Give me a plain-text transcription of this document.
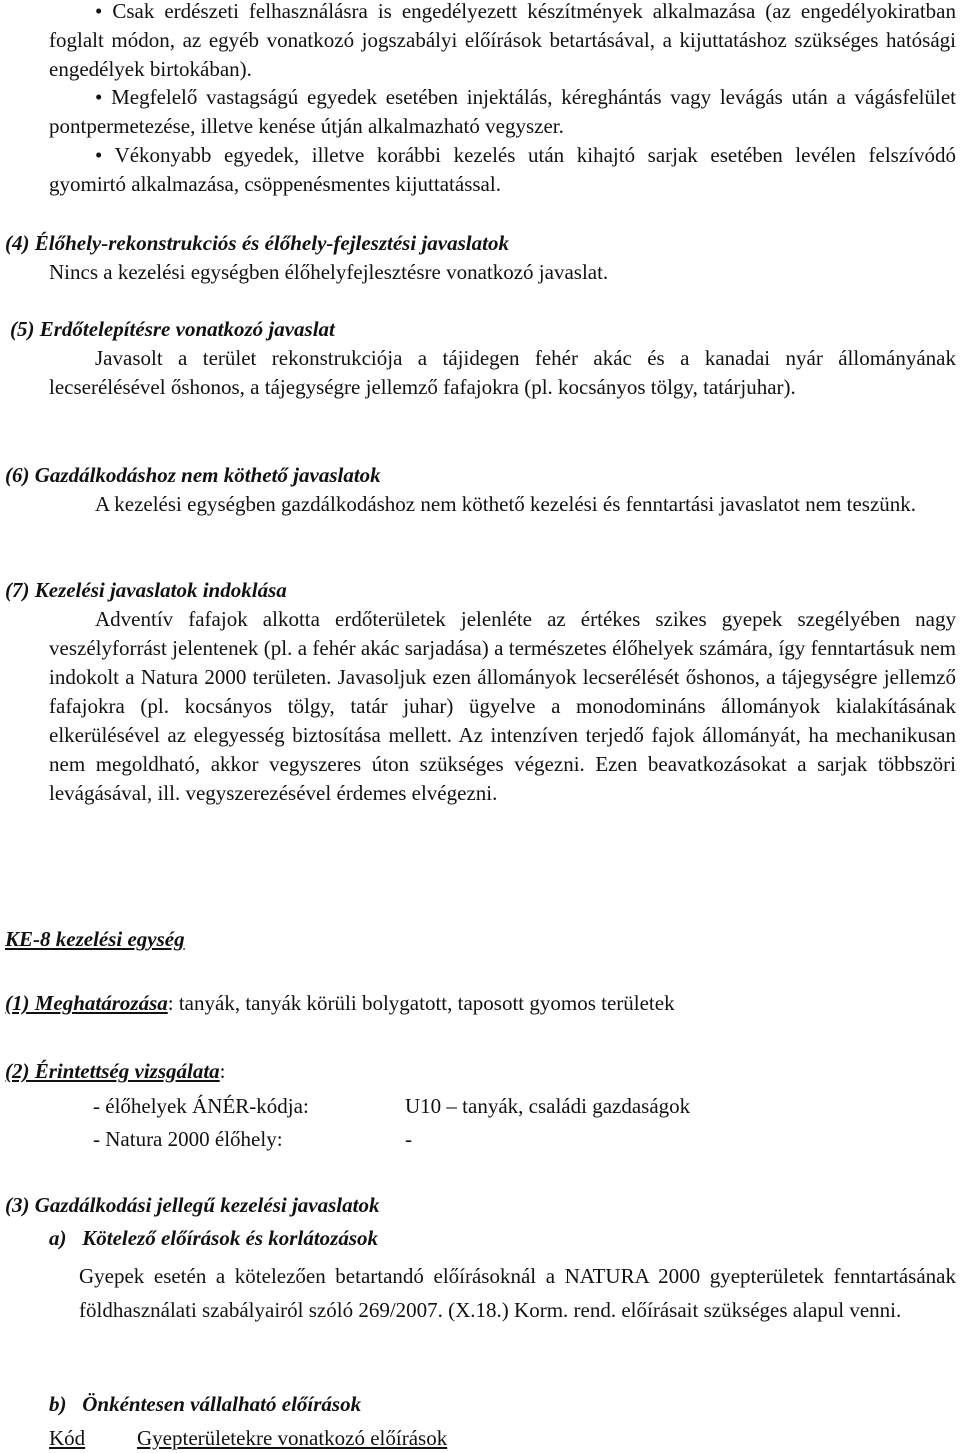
• Csak erdészeti felhasználásra is engedélyezett készítmények alkalmazása (az engedélyokiratban foglalt módon, az egyéb vonatkozó jogszabályi előírások betartásával, a kijuttatáshoz szükséges hatósági engedélyek birtokában).

• Megfelelő vastagságú egyedek esetében injektálás, kéreghántás vagy levágás után a vágásfelület pontpermetezése, illetve kenése útján alkalmazható vegyszer.

• Vékonyabb egyedek, illetve korábbi kezelés után kihajtó sarjak esetében levélen felszívódó gyomirtó alkalmazása, csöppenésmentes kijuttatással.

(4) Élőhely-rekonstrukciós és élőhely-fejlesztési javaslatok

Nincs a kezelési egységben élőhelyfejlesztésre vonatkozó javaslat.

(5) Erdőtelepítésre vonatkozó javaslat

Javasolt a terület rekonstrukciója a tájidegen fehér akác és a kanadai nyár állományának lecserélésével őshonos, a tájegységre jellemző fafajokra (pl. kocsányos tölgy, tatárjuhar).

(6) Gazdálkodáshoz nem köthető javaslatok

A kezelési egységben gazdálkodáshoz nem köthető kezelési és fenntartási javaslatot nem teszünk.

(7) Kezelési javaslatok indoklása

Adventív fafajok alkotta erdőterületek jelenléte az értékes szikes gyepek szegélyében nagy veszélyforrást jelentenek (pl. a fehér akác sarjadása) a természetes élőhelyek számára, így fenntartásuk nem indokolt a Natura 2000 területen. Javasoljuk ezen állományok lecserélését őshonos, a tájegységre jellemző fafajokra (pl. kocsányos tölgy, tatár juhar) ügyelve a monodomináns állományok kialakításának elkerülésével az elegyesség biztosítása mellett. Az intenzíven terjedő fajok állományát, ha mechanikusan nem megoldható, akkor vegyszeres úton szükséges végezni. Ezen beavatkozásokat a sarjak többszöri levágásával, ill. vegyszerezésével érdemes elvégezni.

KE-8 kezelési egység
(1) Meghatározása: tanyák, tanyák körüli bolygatott, taposott gyomos területek
(2) Érintettség vizsgálata:
- élőhelyek ÁNÉR-kódja:	U10 – tanyák, családi gazdaságok
- Natura 2000 élőhely:	-
(3) Gazdálkodási jellegű kezelési javaslatok
a)   Kötelező előírások és korlátozások

Gyepek esetén a kötelezően betartandó előírásoknál a NATURA 2000 gyepterületek fenntartásának földhasználati szabályairól szóló 269/2007. (X.18.) Korm. rend. előírásait szükséges alapul venni.

b)   Önkéntesen vállalható előírások
Kód Gyepterületekre vonatkozó előírások
